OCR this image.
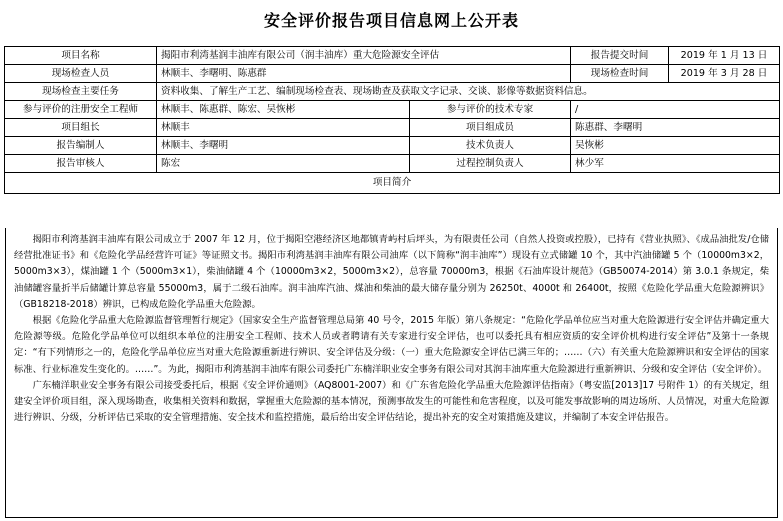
安全评价报告项目信息网上公开表
项目名称	揭阳市利湾基润丰油库有限公司（润丰油库）重大危险源安全评估		报告提交时间	2019 年 1 月 13 日
现场检查人员	林顺丰、李曙明、陈惠群		现场检查时间	2019 年 3 月 28 日
现场检查主要任务	资料收集、了解生产工艺、编制现场检查表、现场勘查及获取文字记录、交谈、影像等数据资料信息。			
参与评价的注册安全工程师	林顺丰、陈惠群、陈宏、吴恢彬	参与评价的技术专家	/	
项目组长	林顺丰	项目组成员	陈惠群、李曙明	
报告编制人	林顺丰、李曙明	技术负责人	吴恢彬	
报告审核人	陈宏	过程控制负责人	林少军	
项目简介				

揭阳市利湾基润丰油库有限公司成立于 2007 年 12 月，位于揭阳空港经济区地都镇青屿村后坪头，为有限责任公司（自然人投资或控股），已持有《营业执照》、《成品油批发/仓储经营批准证书》和《危险化学品经营许可证》等证照文书。揭阳市利湾基润丰油库有限公司油库（以下简称“润丰油库”）现设有立式储罐 10 个，其中汽油储罐 5 个（10000m3×2，5000m3×3），煤油罐 1 个（5000m3×1），柴油储罐 4 个（10000m3×2，5000m3×2），总容量 70000m3，根据《石油库设计规范》（GB50074-2014）第 3.0.1 条规定，柴油储罐容量折半后储罐计算总容量 55000m3，属于二级石油库。润丰油库汽油、煤油和柴油的最大储存量分别为 26250t、4000t 和 26400t，按照《危险化学品重大危险源辨识》（GB18218-2018）辨识，已构成危险化学品重大危险源。

根据《危险化学品重大危险源监督管理暂行规定》（国家安全生产监督管理总局第 40 号令，2015 年版）第八条规定：“危险化学品单位应当对重大危险源进行安全评估并确定重大危险源等级。危险化学品单位可以组织本单位的注册安全工程师、技术人员或者聘请有关专家进行安全评估，也可以委托具有相应资质的安全评价机构进行安全评估”及第十一条规定：“有下列情形之一的，危险化学品单位应当对重大危险源重新进行辨识、安全评估及分级：（一）重大危险源安全评估已满三年的；……（六）有关重大危险源辨识和安全评估的国家标准、行业标准发生变化的。……”。为此，揭阳市利湾基润丰油库有限公司委托广东楠洋职业安全事务有限公司对其润丰油库重大危险源进行重新辨识、分级和安全评估（安全评价）。

广东楠洋职业安全事务有限公司接受委托后，根据《安全评价通则》（AQ8001-2007）和《广东省危险化学品重大危险源评估指南》（粤安监[2013]17 号附件 1）的有关规定，组建安全评价项目组，深入现场勘查，收集相关资料和数据，掌握重大危险源的基本情况，预测事故发生的可能性和危害程度，以及可能发事故影响的周边场所、人员情况，对重大危险源进行辨识、分级，分析评估已采取的安全管理措施、安全技术和监控措施，最后给出安全评估结论，提出补充的安全对策措施及建议，并编制了本安全评估报告。
